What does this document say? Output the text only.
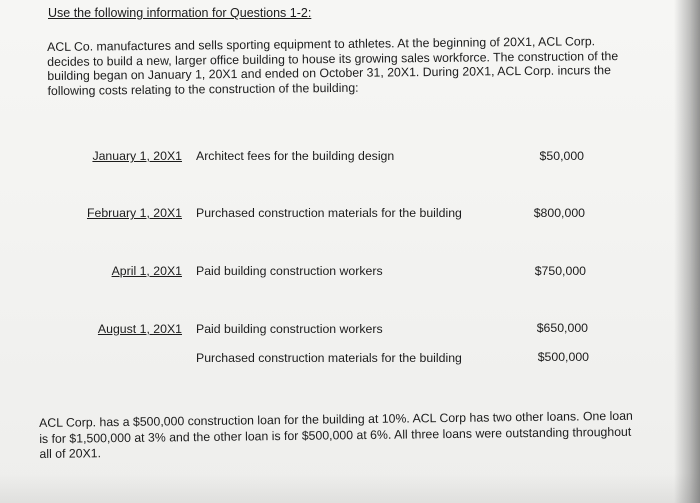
Use the following information for Questions 1-2:
ACL Co. manufactures and sells sporting equipment to athletes. At the beginning of 20X1, ACL Corp. decides to build a new, larger office building to house its growing sales workforce. The construction of the building began on January 1, 20X1 and ended on October 31, 20X1. During 20X1, ACL Corp. incurs the following costs relating to the construction of the building:
January 1, 20X1 Architect fees for the building design	$50,000
February 1, 20X1 Purchased construction materials for the building	$800,000
April 1, 20X1 Paid building construction workers	$750,000
August 1, 20X1 Paid building construction workers	$650,000
Purchased construction materials for the building	$500,000
ACL Corp. has a $500,000 construction loan for the building at 10%. ACL Corp has two other loans. One loan is for $1,500,000 at 3% and the other loan is for $500,000 at 6%. All three loans were outstanding throughout all of 20X1.
